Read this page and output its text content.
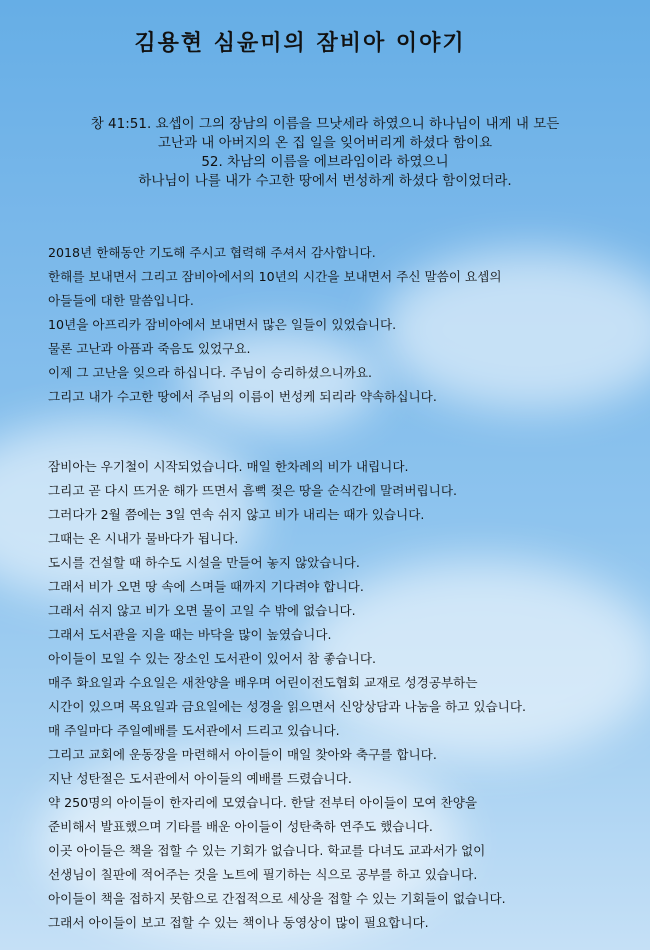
김용현 심윤미의 잠비아 이야기
창 41:51. 요셉이 그의 장남의 이름을 므낫세라 하였으니 하나님이 내게 내 모든
고난과 내 아버지의 온 집 일을 잊어버리게 하셨다 함이요
52. 차남의 이름을 에브라임이라 하였으니
하나님이 나를 내가 수고한 땅에서 번성하게 하셨다 함이었더라.
2018년 한해동안 기도해 주시고 협력해 주셔서 감사합니다.
한해를 보내면서 그리고 잠비아에서의 10년의 시간을 보내면서 주신 말씀이 요셉의
아들들에 대한 말씀입니다.
10년을 아프리카 잠비아에서 보내면서 많은 일들이 있었습니다.
물론 고난과 아픔과 죽음도 있었구요.
이제 그 고난을 잊으라 하십니다. 주님이 승리하셨으니까요.
그리고 내가 수고한 땅에서 주님의 이름이 번성케 되리라 약속하십니다.
잠비아는 우기철이 시작되었습니다. 매일 한차례의 비가 내립니다.
그리고 곧 다시 뜨거운 해가 뜨면서 흠뻑 젖은 땅을 순식간에 말려버립니다.
그러다가 2월 쯤에는 3일 연속 쉬지 않고 비가 내리는 때가 있습니다.
그때는 온 시내가 물바다가 됩니다.
도시를 건설할 때 하수도 시설을 만들어 놓지 않았습니다.
그래서 비가 오면 땅 속에 스며들 때까지 기다려야 합니다.
그래서 쉬지 않고 비가 오면 물이 고일 수 밖에 없습니다.
그래서 도서관을 지을 때는 바닥을 많이 높였습니다.
아이들이 모일 수 있는 장소인 도서관이 있어서 참 좋습니다.
매주 화요일과 수요일은 새찬양을 배우며 어린이전도협회 교재로 성경공부하는
시간이 있으며 목요일과 금요일에는 성경을 읽으면서 신앙상담과 나눔을 하고 있습니다.
매 주일마다 주일예배를 도서관에서 드리고 있습니다.
그리고 교회에 운동장을 마련해서 아이들이 매일 찾아와 축구를 합니다.
지난 성탄절은 도서관에서 아이들의 예배를 드렸습니다.
약 250명의 아이들이 한자리에 모였습니다. 한달 전부터 아이들이 모여 찬양을
준비해서 발표했으며 기타를 배운 아이들이 성탄축하 연주도 했습니다.
이곳 아이들은 책을 접할 수 있는 기회가 없습니다. 학교를 다녀도 교과서가 없이
선생님이 칠판에 적어주는 것을 노트에 필기하는 식으로 공부를 하고 있습니다.
아이들이 책을 접하지 못함으로 간접적으로 세상을 접할 수 있는 기회들이 없습니다.
그래서 아이들이 보고 접할 수 있는 책이나 동영상이 많이 필요합니다.
